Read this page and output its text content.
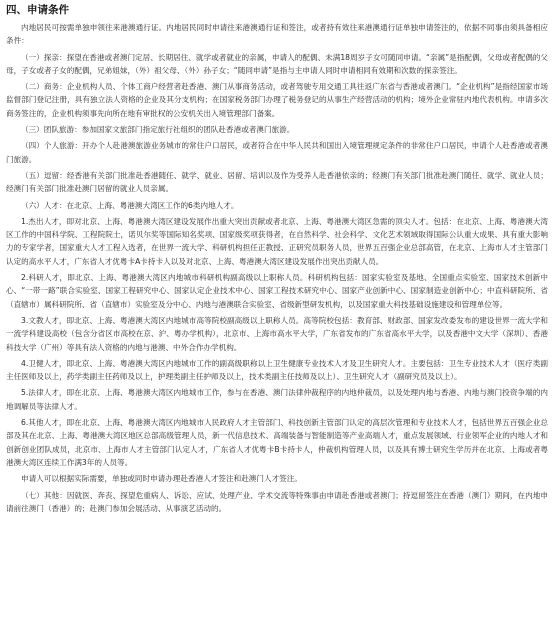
四、申请条件

内地居民可按需单独申领往来港澳通行证。内地居民同时申请往来港澳通行证和签注，或者持有效往来港澳通行证单独申请签注的，依据不同事由须具备相应条件：

（一）探亲：探望在香港或者澳门定居、长期居住、就学或者就业的亲属，申请人的配偶、未满18周岁子女可随同申请。“亲属”是指配偶，父母或者配偶的父母，子女或者子女的配偶，兄弟姐妹，（外）祖父母、（外）孙子女；“随同申请”是指与主申请人同时申请相同有效期和次数的探亲签注。

（二）商务：企业机构人员、个体工商户经营者赴香港、澳门从事商务活动，或者驾驶专用交通工具往返广东省与香港或者澳门。“企业机构”是指经国家市场监督部门登记注册，具有独立法人资格的企业及其分支机构；在国家税务部门办理了税务登记的从事生产经营活动的机构；境外企业常驻内地代表机构。申请多次商务签注的，企业机构须事先向所在地有审批权的公安机关出入境管理部门备案。

（三）团队旅游：参加国家文旅部门指定旅行社组织的团队赴香港或者澳门旅游。

（四）个人旅游：开办个人赴港澳旅游业务城市的常住户口居民，或者符合在中华人民共和国出入境管理规定条件的非常住户口居民，申请个人赴香港或者澳门旅游。

（五）逗留：经香港有关部门批准赴香港随任、就学、就业、居留、培训以及作为受养人赴香港依亲的；经澳门有关部门批准赴澳门随任、就学、就业人员；经澳门有关部门批准赴澳门居留的就业人员亲属。

（六）人才：在北京、上海、粤港澳大湾区工作的6类内地人才。

1.杰出人才，即对北京、上海、粤港澳大湾区建设发展作出重大突出贡献或者北京、上海、粤港澳大湾区急需的顶尖人才。包括：在北京、上海、粤港澳大湾区工作的中国科学院、工程院院士，诺贝尔奖等国际知名奖项、国家级奖项获得者，在自然科学、社会科学、文化艺术领域取得国际公认重大成果、具有重大影响力的专家学者，国家重大人才工程入选者，在世界一流大学、科研机构担任正教授、正研究员职务人员，世界五百强企业总部高管，在北京、上海市人才主管部门认定的高水平人才，广东省人才优粤卡A卡持卡人以及对北京、上海、粤港澳大湾区建设发展作出突出贡献人员。

2.科研人才，即北京、上海、粤港澳大湾区内地城市科研机构副高级以上职称人员。科研机构包括：国家实验室及基地、全国重点实验室、国家技术创新中心、“一带一路”联合实验室、国家工程研究中心、国家认定企业技术中心、国家工程技术研究中心、国家产业创新中心、国家制造业创新中心；中直科研院所、省（直辖市）属科研院所、省（直辖市）实验室及分中心、内地与港澳联合实验室、省级新型研发机构，以及国家重大科技基础设施建设和管理单位等。

3.文教人才，即北京、上海、粤港澳大湾区内地城市高等院校副高级以上职称人员。高等院校包括：教育部、财政部、国家发改委发布的建设世界一流大学和一流学科建设高校（包含分省区市高校在京、沪、粤办学机构），北京市、上海市高水平大学，广东省发布的广东省高水平大学，以及香港中文大学（深圳）、香港科技大学（广州）等具有法人资格的内地与港澳、中外合作办学机构。

4.卫健人才，即北京、上海、粤港澳大湾区内地城市工作的副高级职称以上卫生健康专业技术人才及卫生研究人才。主要包括：卫生专业技术人才（医疗类副主任医师及以上，药学类副主任药师及以上，护理类副主任护师及以上，技术类副主任技师及以上）、卫生研究人才（副研究员及以上）。

5.法律人才，即在北京、上海、粤港澳大湾区内地城市工作，参与在香港、澳门法律仲裁程序的内地仲裁员，以及处理内地与香港、内地与澳门投资争端的内地调解员等法律人才。

6.其他人才，即在北京、上海、粤港澳大湾区内地城市人民政府人才主管部门、科技创新主管部门认定的高层次管理和专业技术人才，包括世界五百强企业总部及其在北京、上海、粤港澳大湾区地区总部高级管理人员，新一代信息技术、高端装备与智能制造等产业高端人才，重点发展领域、行业领军企业的内地人才和创新创业团队成员，北京市、上海市人才主管部门认定人才，广东省人才优粤卡B卡持卡人，仲裁机构管理人员，以及具有博士研究生学历并在北京、上海或者粤港澳大湾区连续工作满3年的人员等。

申请人可以根据实际需要，单独或同时申请办理赴香港人才签注和赴澳门人才签注。

（七）其他：因就医、奔丧、探望危重病人、诉讼、应试、处理产业、学术交流等特殊事由申请赴香港或者澳门；持逗留签注在香港（澳门）期间，在内地申请前往澳门（香港）的；赴澳门参加会展活动、从事演艺活动的。
